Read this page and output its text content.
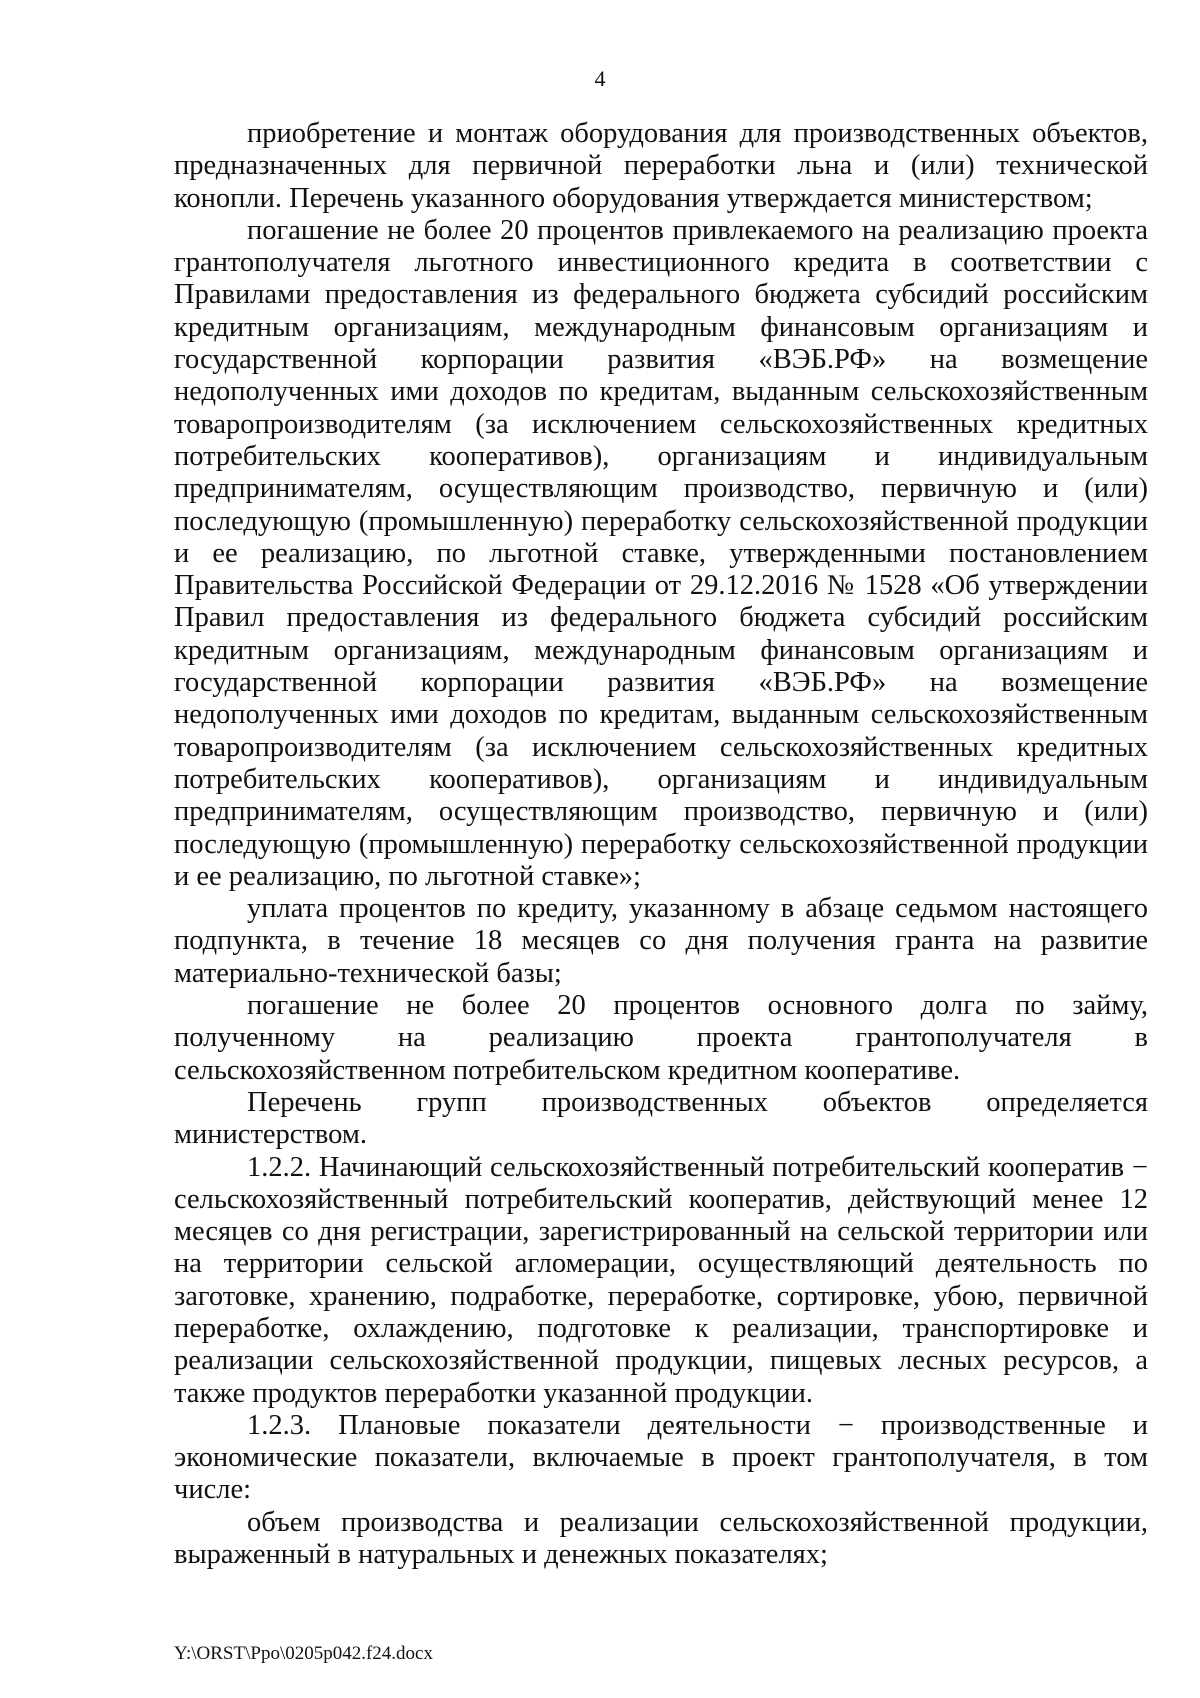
4

приобретение и монтаж оборудования для производственных объектов, предназначенных для первичной переработки льна и (или) технической конопли. Перечень указанного оборудования утверждается министерством;

погашение не более 20 процентов привлекаемого на реализацию проекта грантополучателя льготного инвестиционного кредита в соответствии с Правилами предоставления из федерального бюджета субсидий российским кредитным организациям, международным финансовым организациям и государственной корпорации развития «ВЭБ.РФ» на возмещение недополученных ими доходов по кредитам, выданным сельскохозяйственным товаропроизводителям (за исключением сельскохозяйственных кредитных потребительских кооперативов), организациям и индивидуальным предпринимателям, осуществляющим производство, первичную и (или) последующую (промышленную) переработку сельскохозяйственной продукции и ее реализацию, по льготной ставке, утвержденными постановлением Правительства Российской Федерации от 29.12.2016 № 1528 «Об утверждении Правил предоставления из федерального бюджета субсидий российским кредитным организациям, международным финансовым организациям и государственной корпорации развития «ВЭБ.РФ» на возмещение недополученных ими доходов по кредитам, выданным сельскохозяйственным товаропроизводителям (за исключением сельскохозяйственных кредитных потребительских кооперативов), организациям и индивидуальным предпринимателям, осуществляющим производство, первичную и (или) последующую (промышленную) переработку сельскохозяйственной продукции и ее реализацию, по льготной ставке»;

уплата процентов по кредиту, указанному в абзаце седьмом настоящего подпункта, в течение 18 месяцев со дня получения гранта на развитие материально-технической базы;

погашение не более 20 процентов основного долга по займу, полученному на реализацию проекта грантополучателя в сельскохозяйственном потребительском кредитном кооперативе.

Перечень групп производственных объектов определяется министерством.

1.2.2. Начинающий сельскохозяйственный потребительский кооператив − сельскохозяйственный потребительский кооператив, действующий менее 12 месяцев со дня регистрации, зарегистрированный на сельской территории или на территории сельской агломерации, осуществляющий деятельность по заготовке, хранению, подработке, переработке, сортировке, убою, первичной переработке, охлаждению, подготовке к реализации, транспортировке и реализации сельскохозяйственной продукции, пищевых лесных ресурсов, а также продуктов переработки указанной продукции.

1.2.3. Плановые показатели деятельности − производственные и экономические показатели, включаемые в проект грантополучателя, в том числе:

объем производства и реализации сельскохозяйственной продукции, выраженный в натуральных и денежных показателях;

Y:\ORST\Ppo\0205p042.f24.docx
